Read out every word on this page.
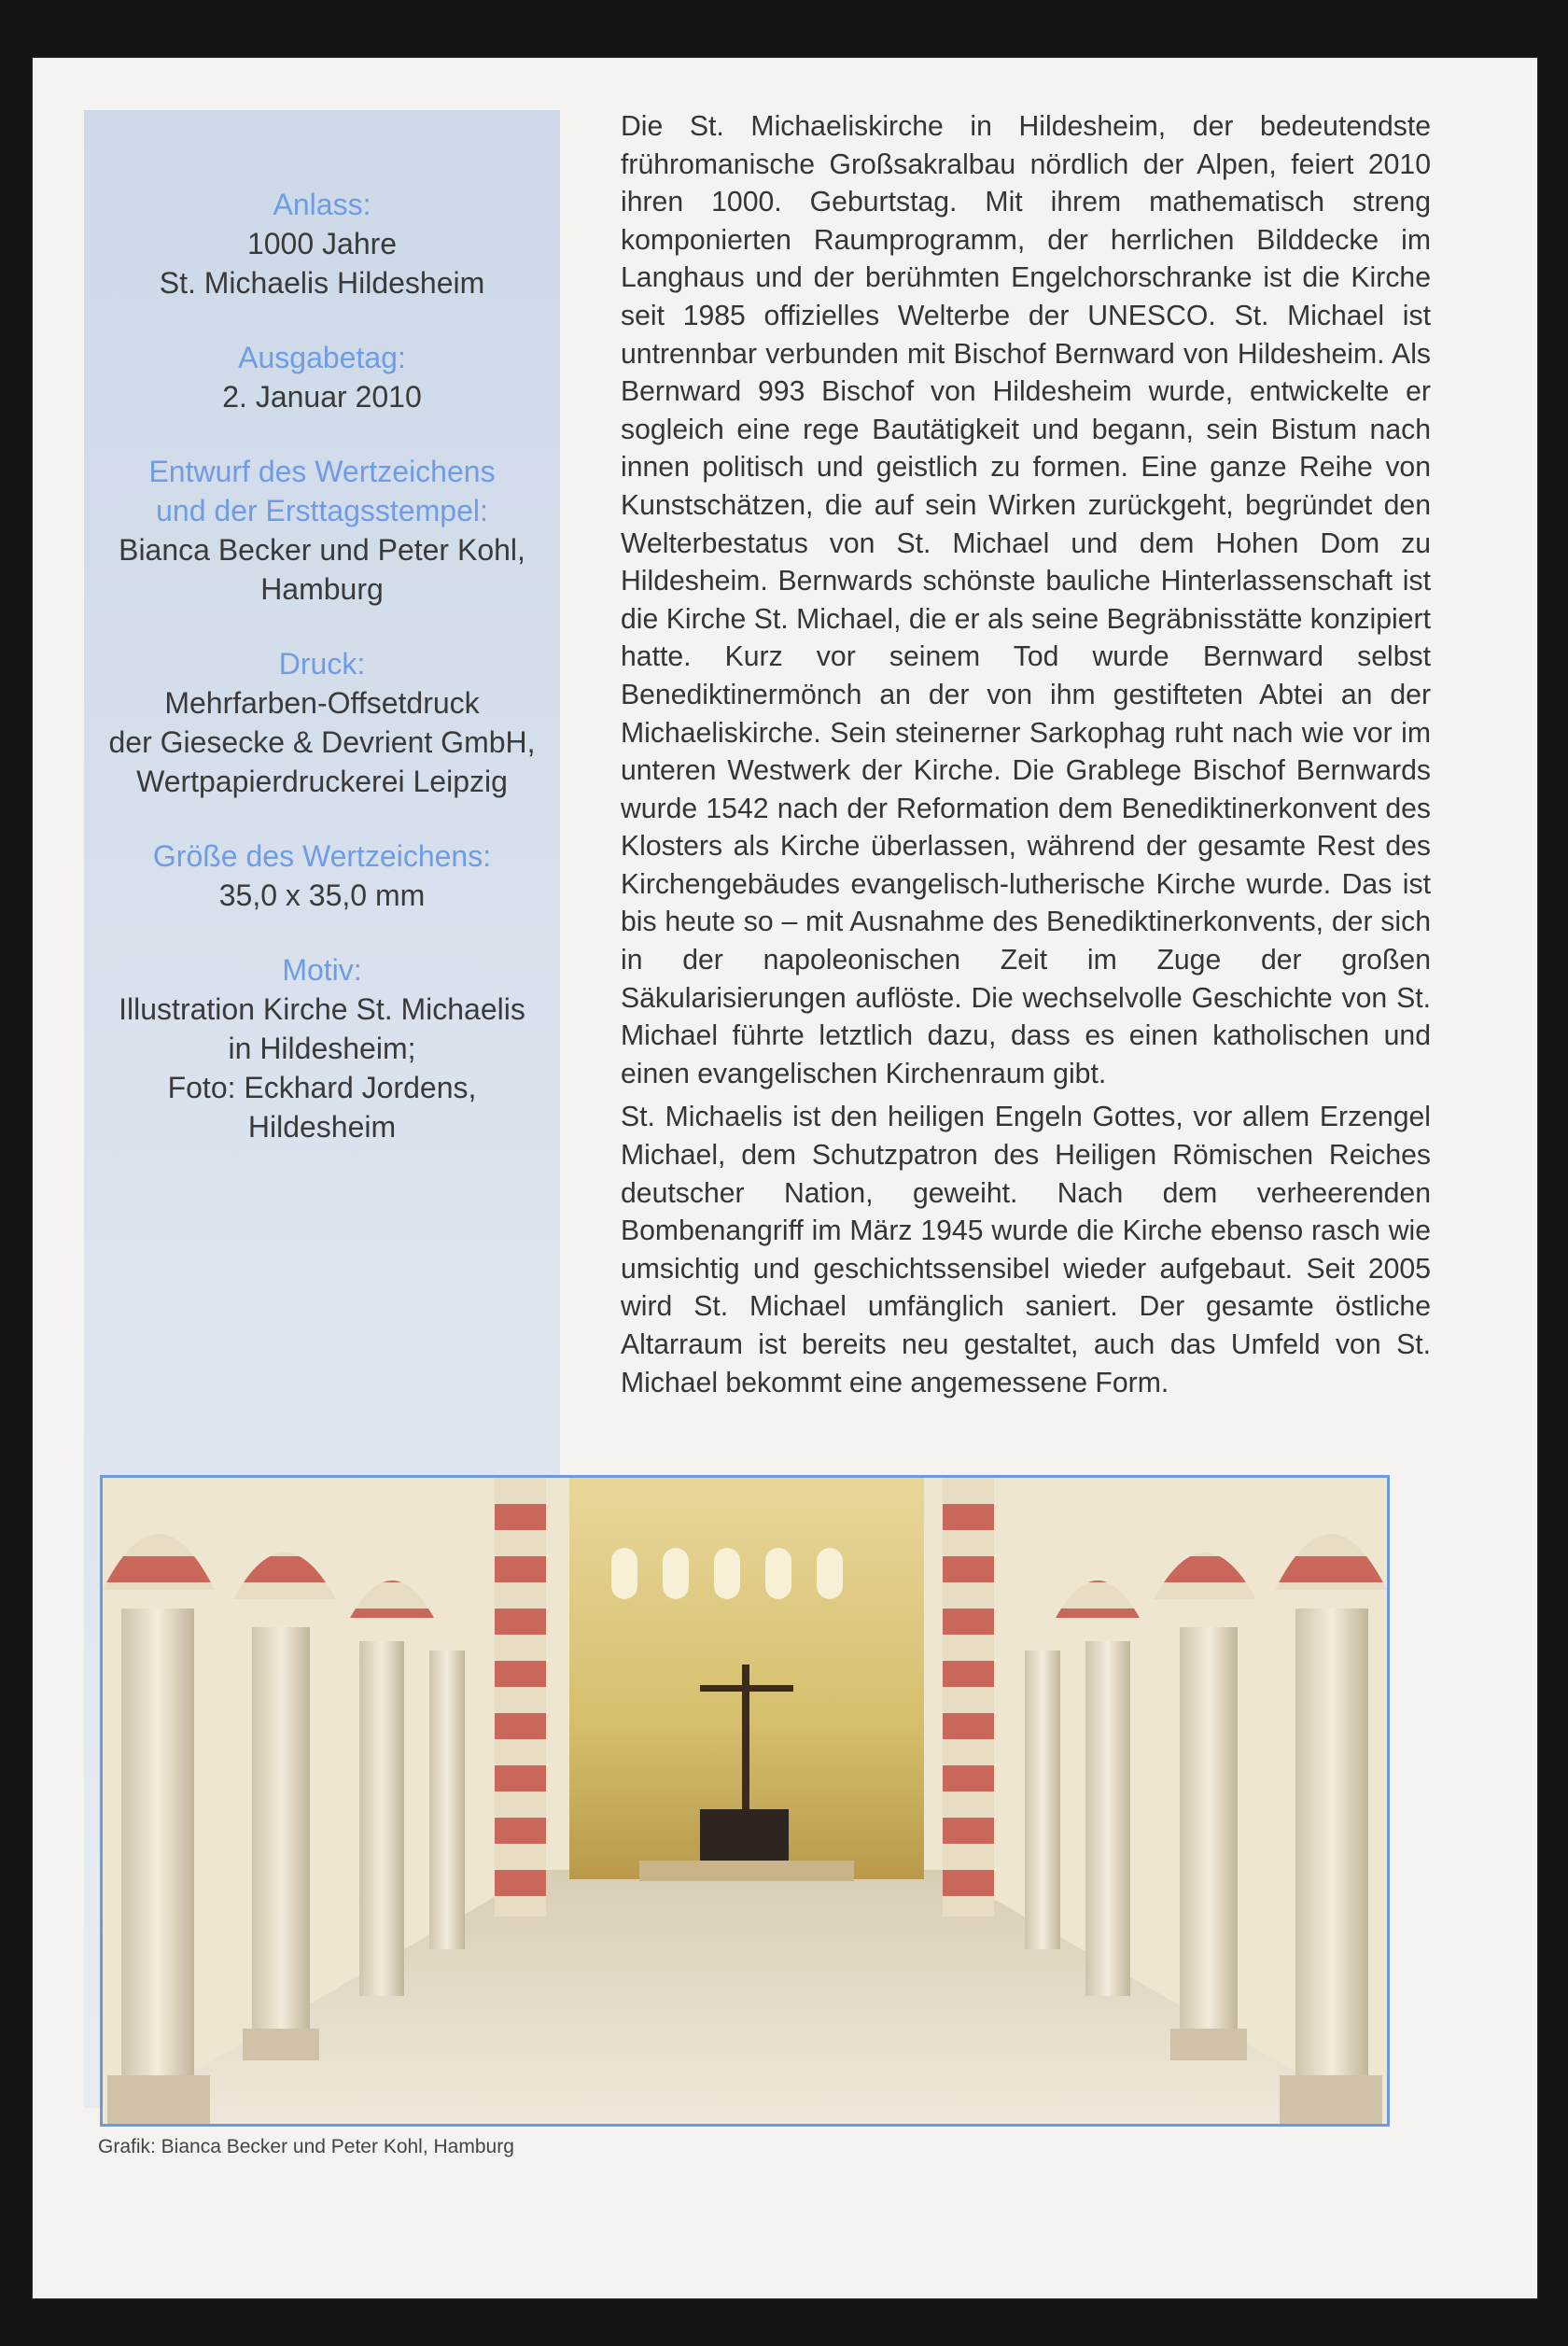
Anlass:
1000 Jahre
St. Michaelis Hildesheim
Ausgabetag:
2. Januar 2010
Entwurf des Wertzeichens
und der Ersttagsstempel:
Bianca Becker und Peter Kohl,
Hamburg
Druck:
Mehrfarben-Offsetdruck
der Giesecke & Devrient GmbH,
Wertpapierdruckerei Leipzig
Größe des Wertzeichens:
35,0 x 35,0 mm
Motiv:
Illustration Kirche St. Michaelis
in Hildesheim;
Foto: Eckhard Jordens,
Hildesheim

Die St. Michaeliskirche in Hildesheim, der bedeutendste frühromanische Großsakralbau nördlich der Alpen, feiert 2010 ihren 1000. Geburtstag. Mit ihrem mathematisch streng komponierten Raumprogramm, der herrlichen Bilddecke im Langhaus und der berühmten Engelchorschranke ist die Kirche seit 1985 offizielles Welterbe der UNESCO. St. Michael ist untrennbar verbunden mit Bischof Bernward von Hildesheim. Als Bernward 993 Bischof von Hildesheim wurde, entwickelte er sogleich eine rege Bautätigkeit und begann, sein Bistum nach innen politisch und geistlich zu formen. Eine ganze Reihe von Kunstschätzen, die auf sein Wirken zurückgeht, begründet den Welterbestatus von St. Michael und dem Hohen Dom zu Hildesheim. Bernwards schönste bauliche Hinterlassenschaft ist die Kirche St. Michael, die er als seine Begräbnisstätte konzipiert hatte. Kurz vor seinem Tod wurde Bernward selbst Benediktinermönch an der von ihm gestifteten Abtei an der Michaeliskirche. Sein steinerner Sarkophag ruht nach wie vor im unteren Westwerk der Kirche. Die Grablege Bischof Bernwards wurde 1542 nach der Reformation dem Benediktinerkonvent des Klosters als Kirche überlassen, während der gesamte Rest des Kirchengebäudes evangelisch-lutherische Kirche wurde. Das ist bis heute so – mit Ausnahme des Benediktinerkonvents, der sich in der napoleonischen Zeit im Zuge der großen Säkularisierungen auflöste. Die wechselvolle Geschichte von St. Michael führte letztlich dazu, dass es einen katholischen und einen evangelischen Kirchenraum gibt.

St. Michaelis ist den heiligen Engeln Gottes, vor allem Erzengel Michael, dem Schutzpatron des Heiligen Römischen Reiches deutscher Nation, geweiht. Nach dem verheerenden Bombenangriff im März 1945 wurde die Kirche ebenso rasch wie umsichtig und geschichtssensibel wieder aufgebaut. Seit 2005 wird St. Michael umfänglich saniert. Der gesamte östliche Altarraum ist bereits neu gestaltet, auch das Umfeld von St. Michael bekommt eine angemessene Form.

Grafik: Bianca Becker und Peter Kohl, Hamburg
